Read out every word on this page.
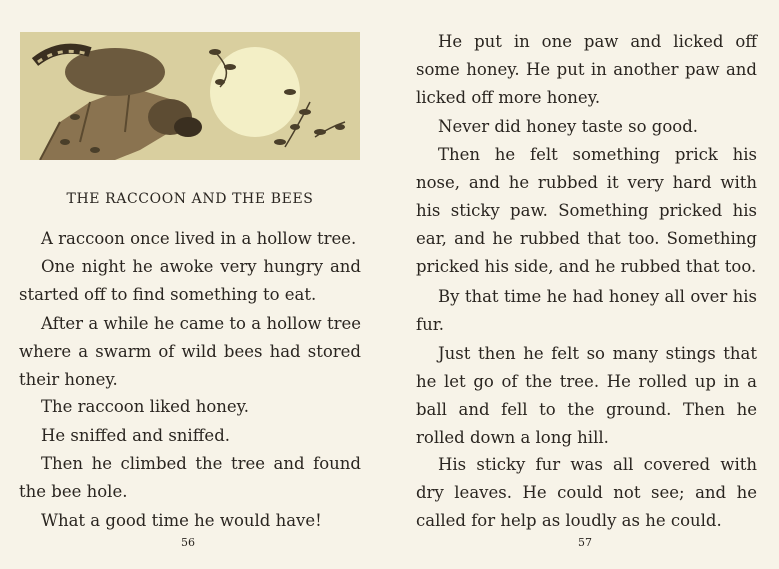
THE RACCOON AND THE BEES

A raccoon once lived in a hollow tree.

One night he awoke very hungry and started off to find something to eat.

After a while he came to a hollow tree where a swarm of wild bees had stored their honey.

The raccoon liked honey.

He sniffed and sniffed.

Then he climbed the tree and found the bee hole.

What a good time he would have!

56

He put in one paw and licked off some honey. He put in another paw and licked off more honey.

Never did honey taste so good.

Then he felt something prick his nose, and he rubbed it very hard with his sticky paw. Something pricked his ear, and he rubbed that too. Something pricked his side, and he rubbed that too.

By that time he had honey all over his fur.

Just then he felt so many stings that he let go of the tree. He rolled up in a ball and fell to the ground. Then he rolled down a long hill.

His sticky fur was all covered with dry leaves. He could not see; and he called for help as loudly as he could.

57
